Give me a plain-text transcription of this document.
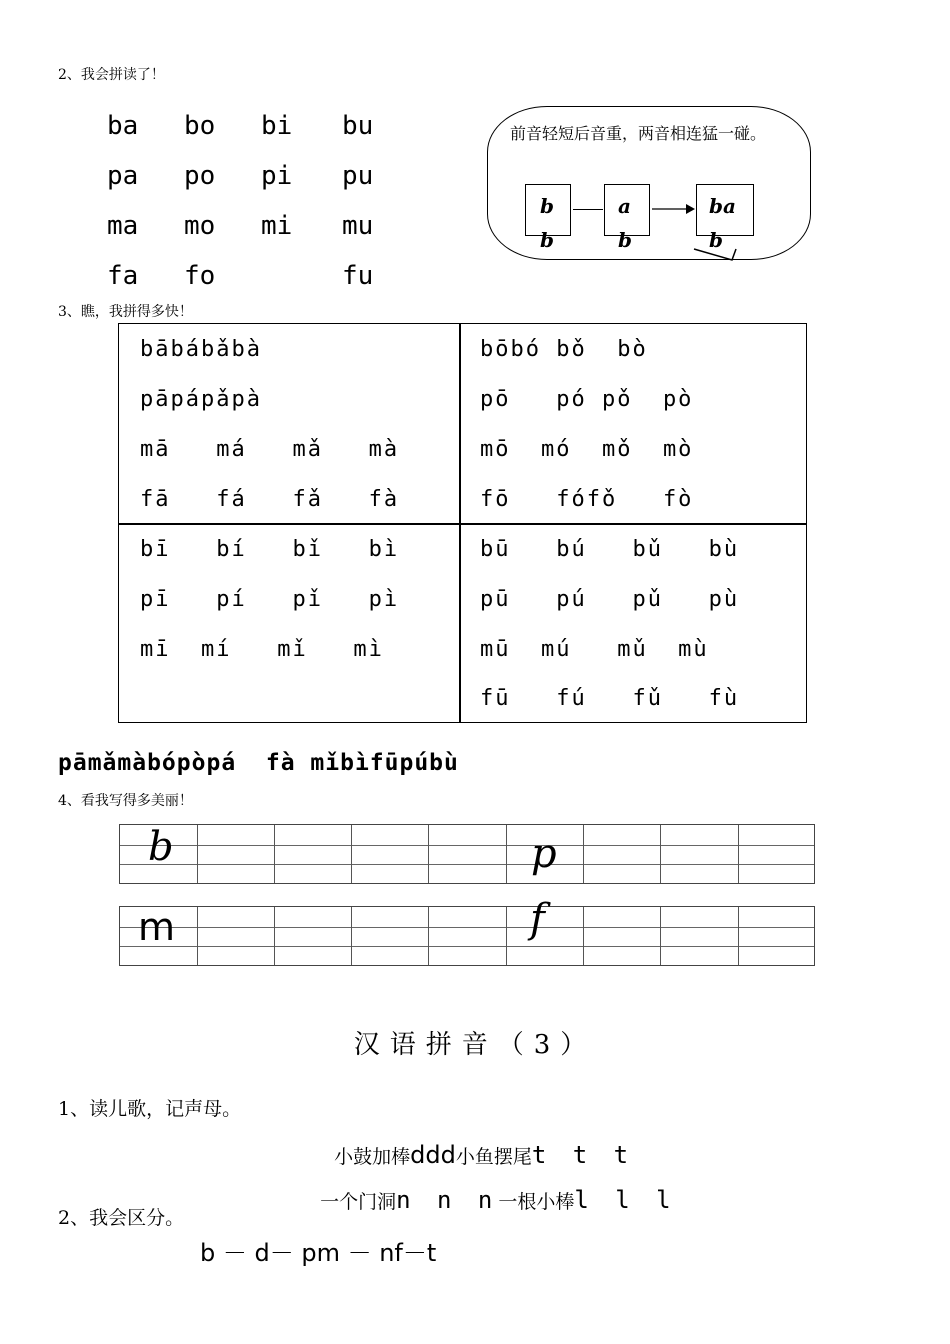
2、我会拼读了！
ba bo bi bu
pa po pi pu
ma mo mi mu
fa fo	fu
前音轻短后音重，两音相连猛一碰。
b
b
a
b
ba
b
3、瞧，我拼得多快！
bābábǎbà
pāpápǎpà
mā   má   mǎ   mà
fā   fá   fǎ   fà
bōbó bǒ  bò
pō   pó pǒ  pò
mō  mó  mǒ  mò
fō   fófǒ   fò
bī   bí   bǐ   bì
pī   pí   pǐ   pì
mī  mí   mǐ   mì
bū   bú   bǔ   bù
pū   pú   pǔ   pù
mū  mú   mǔ  mù
fū   fú   fǔ   fù
pāmǎmàbópòpá  fà mǐbìfūpúbù
4、看我写得多美丽！
b	p
m	f
汉语拼音（3）
1、读儿歌，记声母。

小鼓加棒ddd小鱼摆尾t t t

一个门洞n n n一根小棒l l l

2、我会区分。
b － d－ pm － nf－t
